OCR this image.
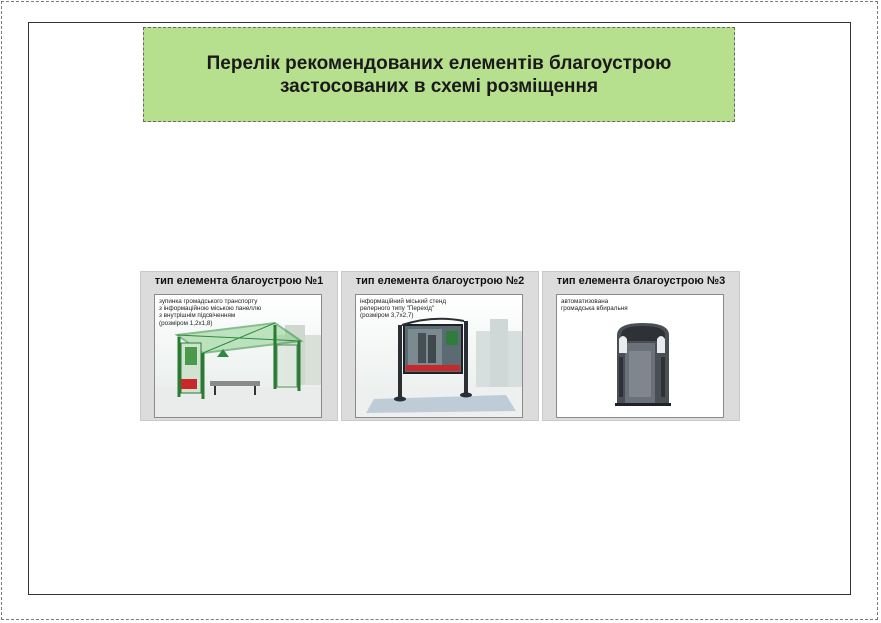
Перелік рекомендованих елементів благоустрою
застосованих в схемі розміщення
тип елемента благоустрою №1
зупинка громадського транспорту
з інформаційною міською панеллю
з внутрішнім підсвіченням
(розміром 1,2х1,8)
тип елемента благоустрою №2
інформаційний міський стенд
релерного типу "Перехід"
(розміром 3,7х2,7)
тип елемента благоустрою №3
автоматизована
громадська вбиральня
